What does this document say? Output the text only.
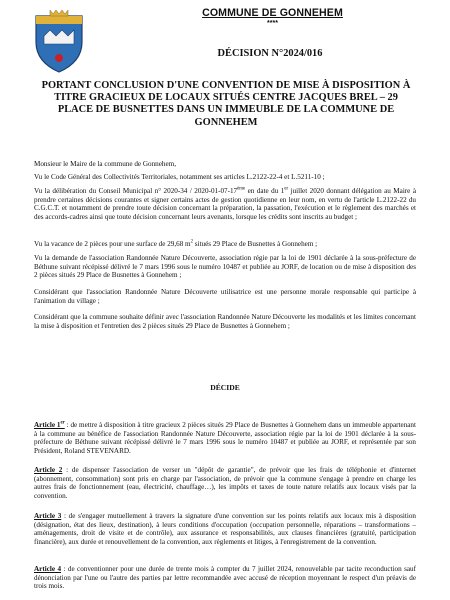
COMMUNE DE GONNEHEM
****
DÉCISION N°2024/016

PORTANT CONCLUSION D'UNE CONVENTION DE MISE À DISPOSITION À TITRE GRACIEUX DE LOCAUX SITUÉS CENTRE JACQUES BREL – 29 PLACE DE BUSNETTES DANS UN IMMEUBLE DE LA COMMUNE DE GONNEHEM

Monsieur le Maire de la commune de Gonnehem,

Vu le Code Général des Collectivités Territoriales, notamment ses articles L.2122-22-4 et L.5211-10 ;

Vu la délibération du Conseil Municipal n° 2020-34 / 2020-01-07-17ème en date du 1er juillet 2020 donnant délégation au Maire à prendre certaines décisions courantes et signer certains actes de gestion quotidienne en leur nom, en vertu de l'article L.2122-22 du C.G.C.T. et notamment de prendre toute décision concernant la préparation, la passation, l'exécution et le règlement des marchés et des accords-cadres ainsi que toute décision concernant leurs avenants, lorsque les crédits sont inscrits au budget ;

Vu la vacance de 2 pièces pour une surface de 29,68 $m^2$ situés 29 Place de Busnettes à Gonnehem ;

Vu la demande de l'association Randonnée Nature Découverte, association régie par la loi de 1901 déclarée à la sous-préfecture de Béthune suivant récépissé délivré le 7 mars 1996 sous le numéro 10487 et publiée au JORF, de location ou de mise à disposition des 2 pièces situés 29 Place de Busnettes à Gonnehem ;

Considérant que l'association Randonnée Nature Découverte utilisatrice est une personne morale responsable qui participe à l'animation du village ;

Considérant que la commune souhaite définir avec l'association Randonnée Nature Découverte les modalités et les limites concernant la mise à disposition et l'entretien des 2 pièces situés 29 Place de Busnettes à Gonnehem ;

DÉCIDE

Article 1er : de mettre à disposition à titre gracieux 2 pièces situés 29 Place de Busnettes à Gonnehem dans un immeuble appartenant à la commune au bénéfice de l'association Randonnée Nature Découverte, association régie par la loi de 1901 déclarée à la sous-préfecture de Béthune suivant récépissé délivré le 7 mars 1996 sous le numéro 10487 et publiée au JORF, et représentée par son Président, Roland STEVENARD.

Article 2 : de dispenser l'association de verser un "dépôt de garantie", de prévoir que les frais de téléphonie et d'internet (abonnement, consommation) sont pris en charge par l'association, de prévoir que la commune s'engage à prendre en charge les autres frais de fonctionnement (eau, électricité, chauffage…), les impôts et taxes de toute nature relatifs aux locaux visés par la convention.

Article 3 : de s'engager mutuellement à travers la signature d'une convention sur les points relatifs aux locaux mis à disposition (désignation, état des lieux, destination), à leurs conditions d'occupation (occupation personnelle, réparations – transformations – aménagements, droit de visite et de contrôle), aux assurance et responsabilités, aux clauses financières (gratuité, participation financière), aux durée et renouvellement de la convention, aux règlements et litiges, à l'enregistrement de la convention.

Article 4 : de conventionner pour une durée de trente mois à compter du 7 juillet 2024, renouvelable par tacite reconduction sauf dénonciation par l'une ou l'autre des parties par lettre recommandée avec accusé de réception moyennant le respect d'un préavis de trois mois.
